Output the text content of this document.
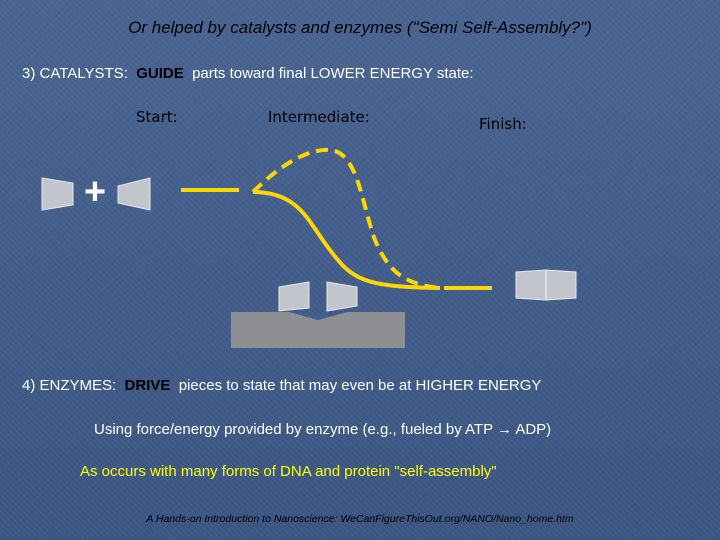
Or helped by catalysts and enzymes ("Semi Self-Assembly?")
3) CATALYSTS: GUIDE parts toward final LOWER ENERGY state:
Start:	Intermediate:	Finish:
+
4) ENZYMES: DRIVE pieces to state that may even be at HIGHER ENERGY
Using force/energy provided by enzyme (e.g., fueled by ATP → ADP)
As occurs with many forms of DNA and protein "self-assembly"
A Hands-on Introduction to Nanoscience: WeCanFigureThisOut.org/NANO/Nano_home.htm
